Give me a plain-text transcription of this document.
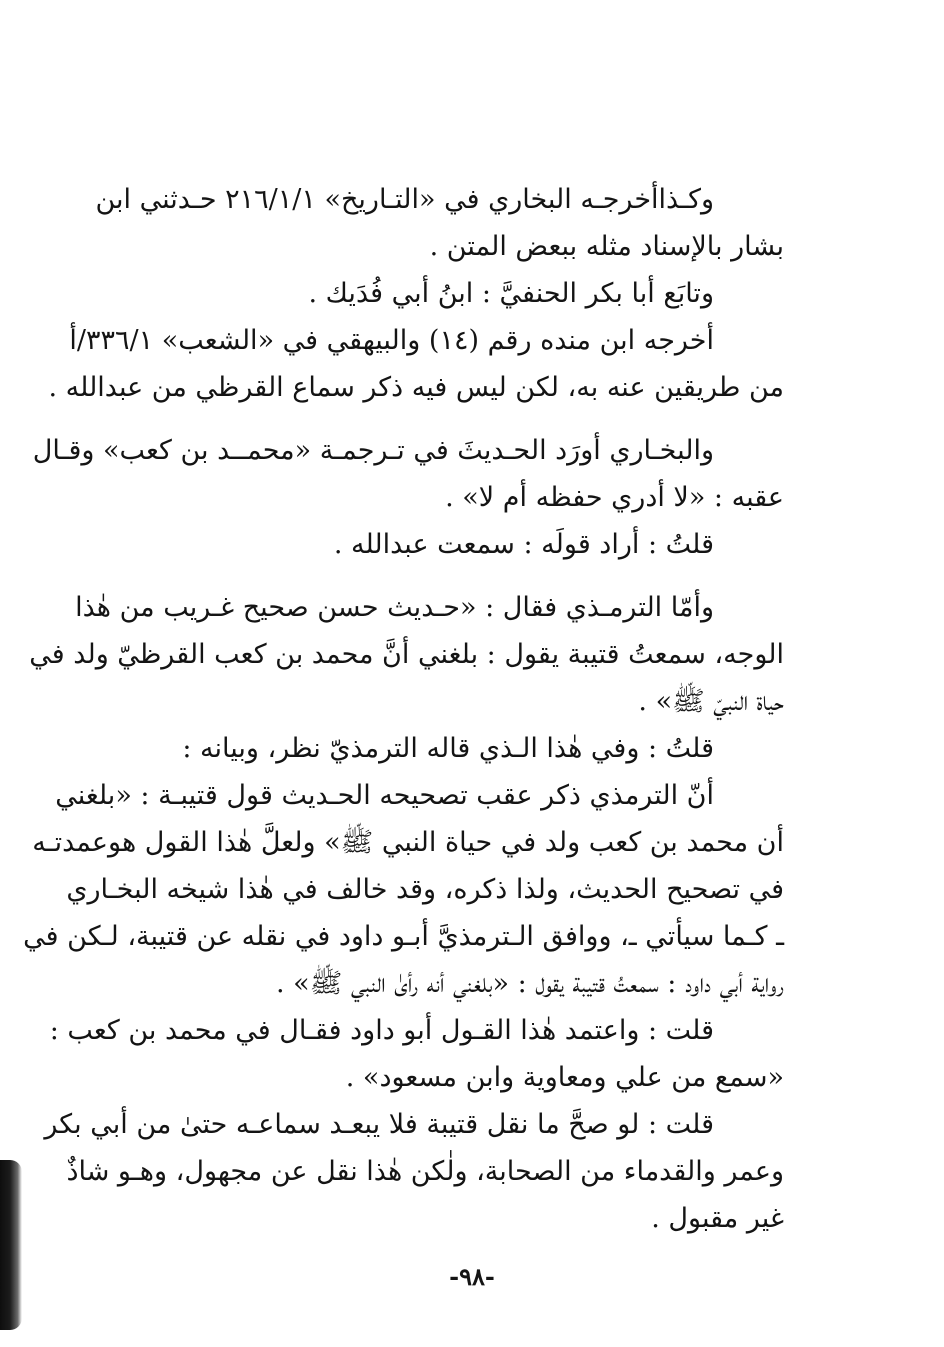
وكـذاأخرجـه البخاري في «التـاريخ» ٢١٦/١/١ حـدثني ابن
بشار بالإسناد مثله ببعض المتن .
وتابَع أبا بكر الحنفيَّ : ابنُ أبي فُدَيك .
أخرجه ابن منده رقم (١٤) والبيهقي في «الشعب» ٣٣٦/١/أ
من طريقين عنه به، لكن ليس فيه ذكر سماع القرظي من عبدالله .
والبخـاري أورَد الحـديثَ في تـرجمـة «محمــد بن كعب» وقـال
عقبه : «لا أدري حفظه أم لا» .
قلتُ : أراد قولَه : سمعت عبدالله .
وأمّا الترمـذي فقال : «حـديث حسن صحيح غـريب من هٰذا
الوجه، سمعتُ قتيبة يقول : بلغني أنَّ محمد بن كعب القرظيّ ولد في
حياة النبيّ ﷺ» .
قلتُ : وفي هٰذا الـذي قاله الترمذيّ نظر، وبيانه :
أنّ الترمذي ذكر عقب تصحيحه الحـديث قول قتيبـة : «بلغني
أن محمد بن كعب ولد في حياة النبي ﷺ» ولعلَّ هٰذا القول هوعمدتـه
في تصحيح الحديث، ولذا ذكره، وقد خالف في هٰذا شيخه البخـاري
ـ كـما سيأتي ـ، ووافق الـترمذيَّ أبـو داود في نقله عن قتيبة، لـكن في
رواية أبي داود : سمعتُ قتيبة يقول : «بلغني أنه رأىٰ النبي ﷺ» .
قلت : واعتمد هٰذا القـول أبو داود فقـال في محمد بن كعب :
«سمع من علي ومعاوية وابن مسعود» .
قلت : لو صحَّ ما نقل قتيبة فلا يبعـد سماعـه حتىٰ من أبي بكر
وعمر والقدماء من الصحابة، ولٰكن هٰذا نقل عن مجهول، وهـو شاذٌ
غير مقبول .
-٩٨-
